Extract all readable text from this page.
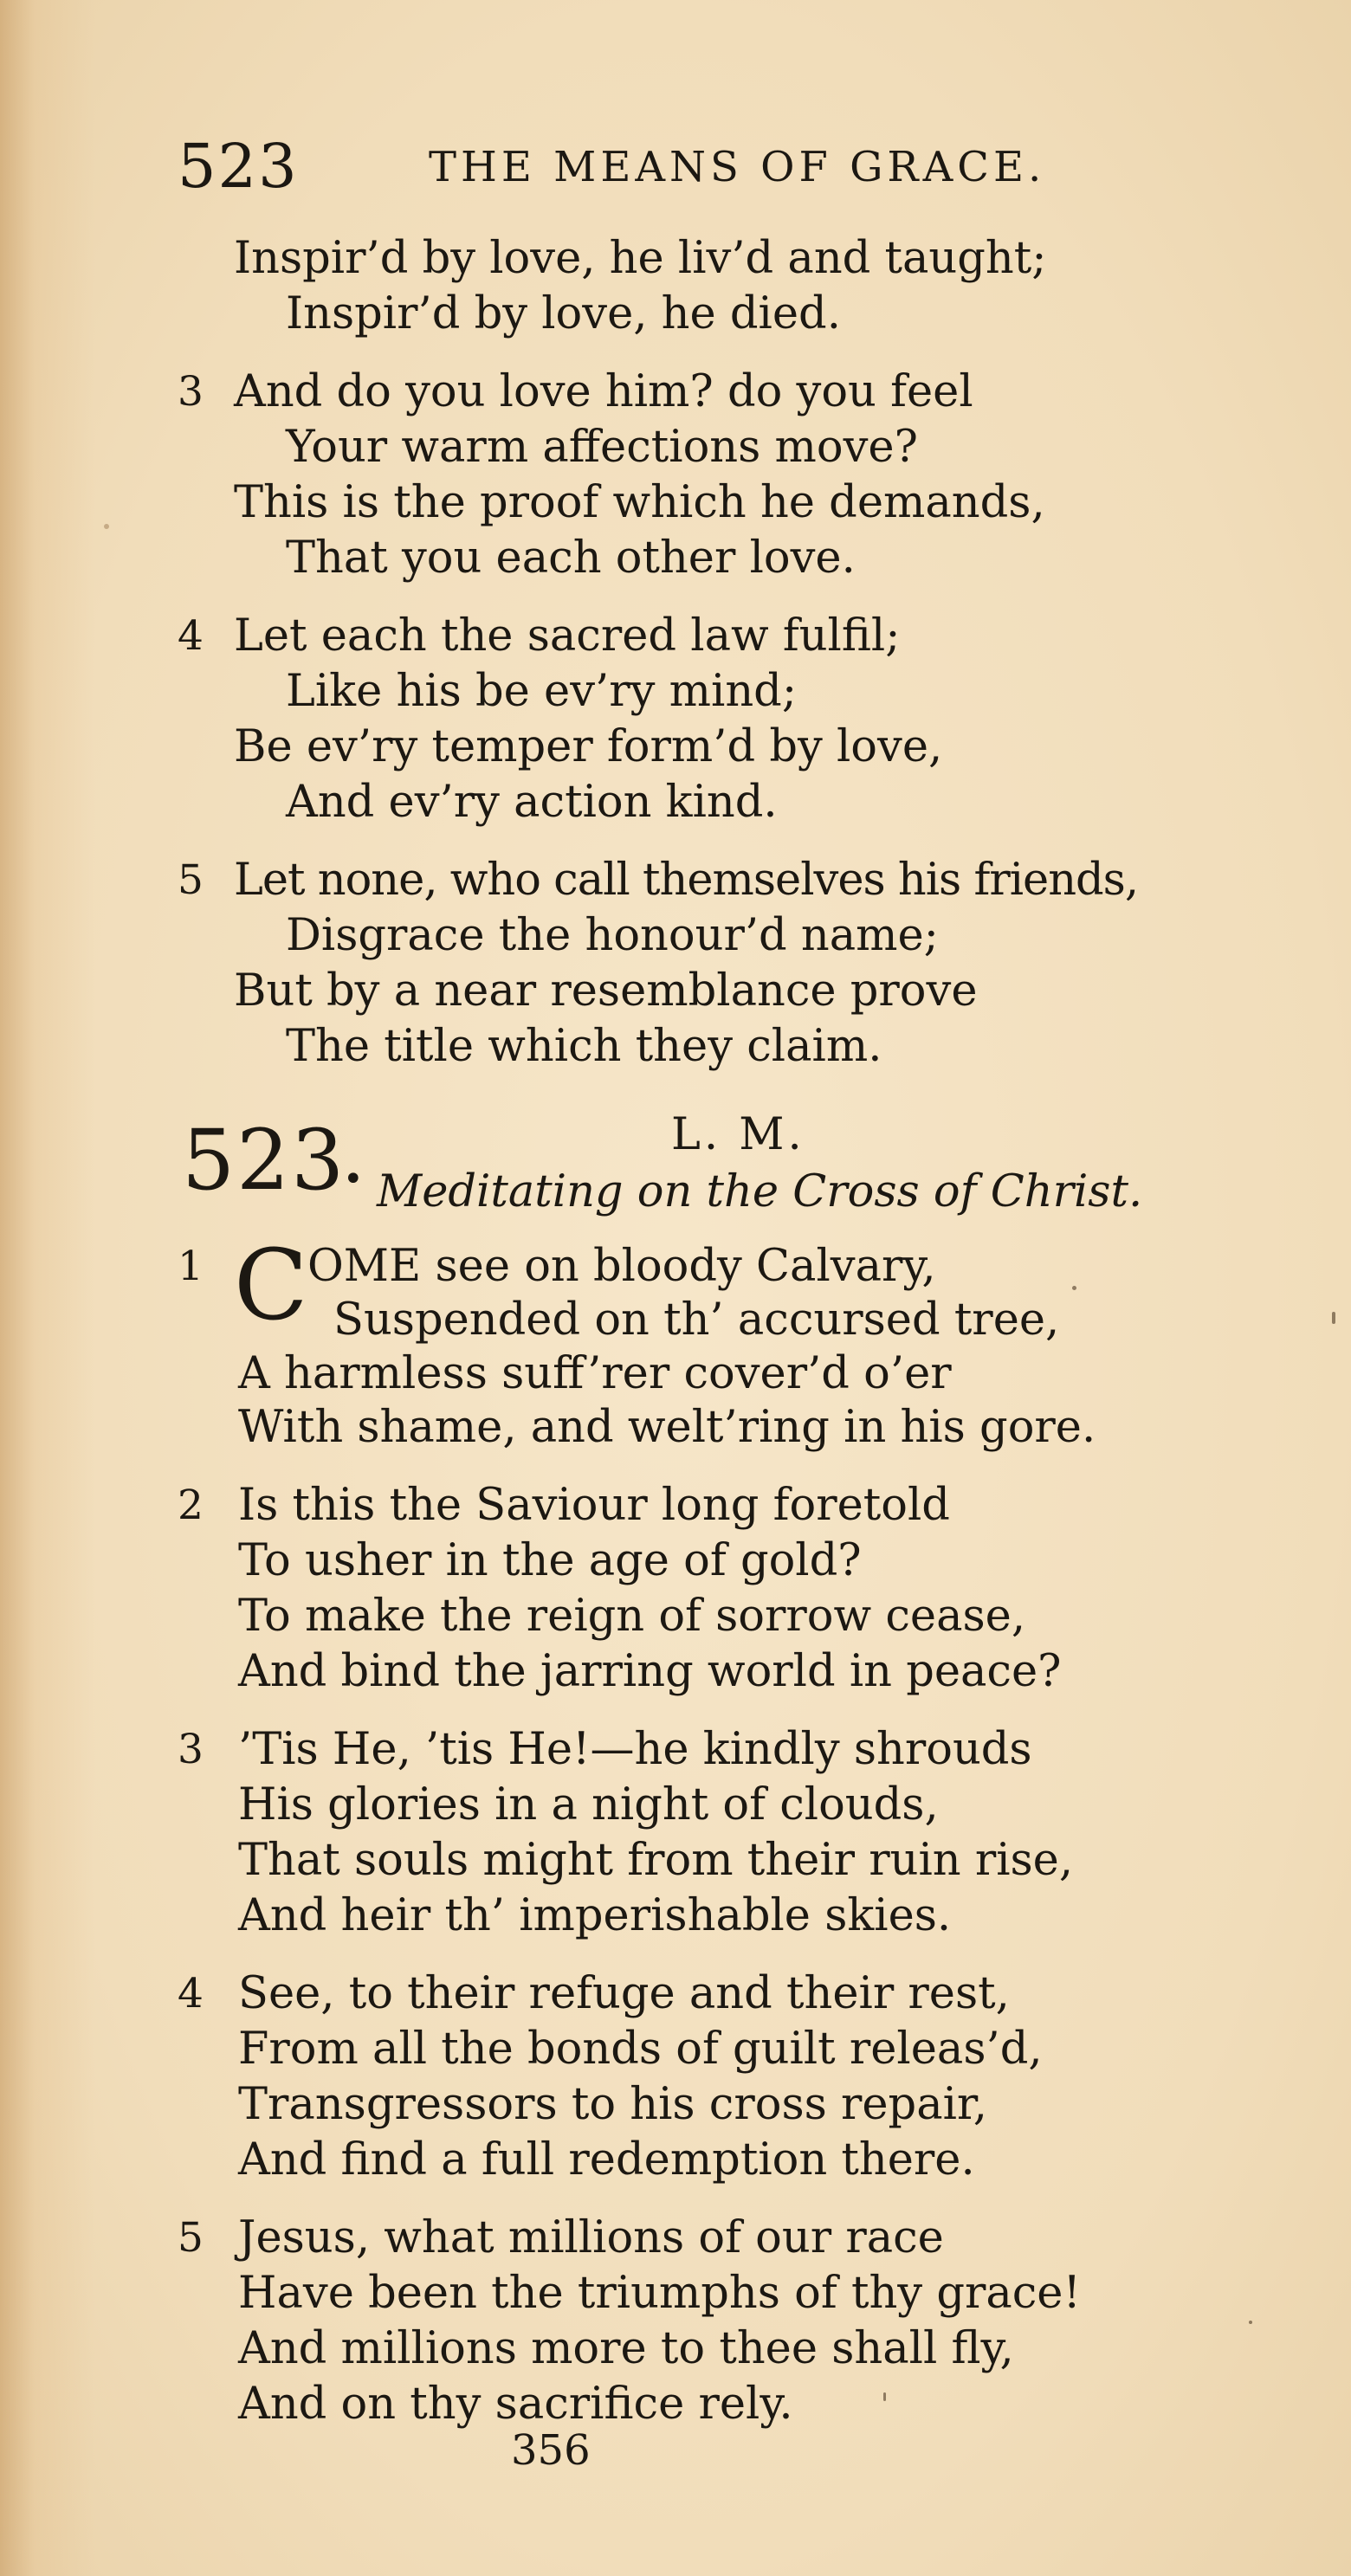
523	THE MEANS OF GRACE.
Inspir’d by love, he liv’d and taught;
Inspir’d by love, he died.
3 And do you love him? do you feel
Your warm affections move?
This is the proof which he demands,
That you each other love.
4 Let each the sacred law fulfil;
Like his be ev’ry mind;
Be ev’ry temper form’d by love,
And ev’ry action kind.
5 Let none, who call themselves his friends,
Disgrace the honour’d name;
But by a near resemblance prove
The title which they claim.
523
•
L. M.
Meditating on the Cross of Christ.
1 C OME see on bloody Calvary,
Suspended on th’ accursed tree,
A harmless suff’rer cover’d o’er
With shame, and welt’ring in his gore.
2 Is this the Saviour long foretold
To usher in the age of gold?
To make the reign of sorrow cease,
And bind the jarring world in peace?
3 ’Tis He, ’tis He!—he kindly shrouds
His glories in a night of clouds,
That souls might from their ruin rise,
And heir th’ imperishable skies.
4 See, to their refuge and their rest,
From all the bonds of guilt releas’d,
Transgressors to his cross repair,
And find a full redemption there.
5 Jesus, what millions of our race
Have been the triumphs of thy grace!
And millions more to thee shall fly,
And on thy sacrifice rely.
356
